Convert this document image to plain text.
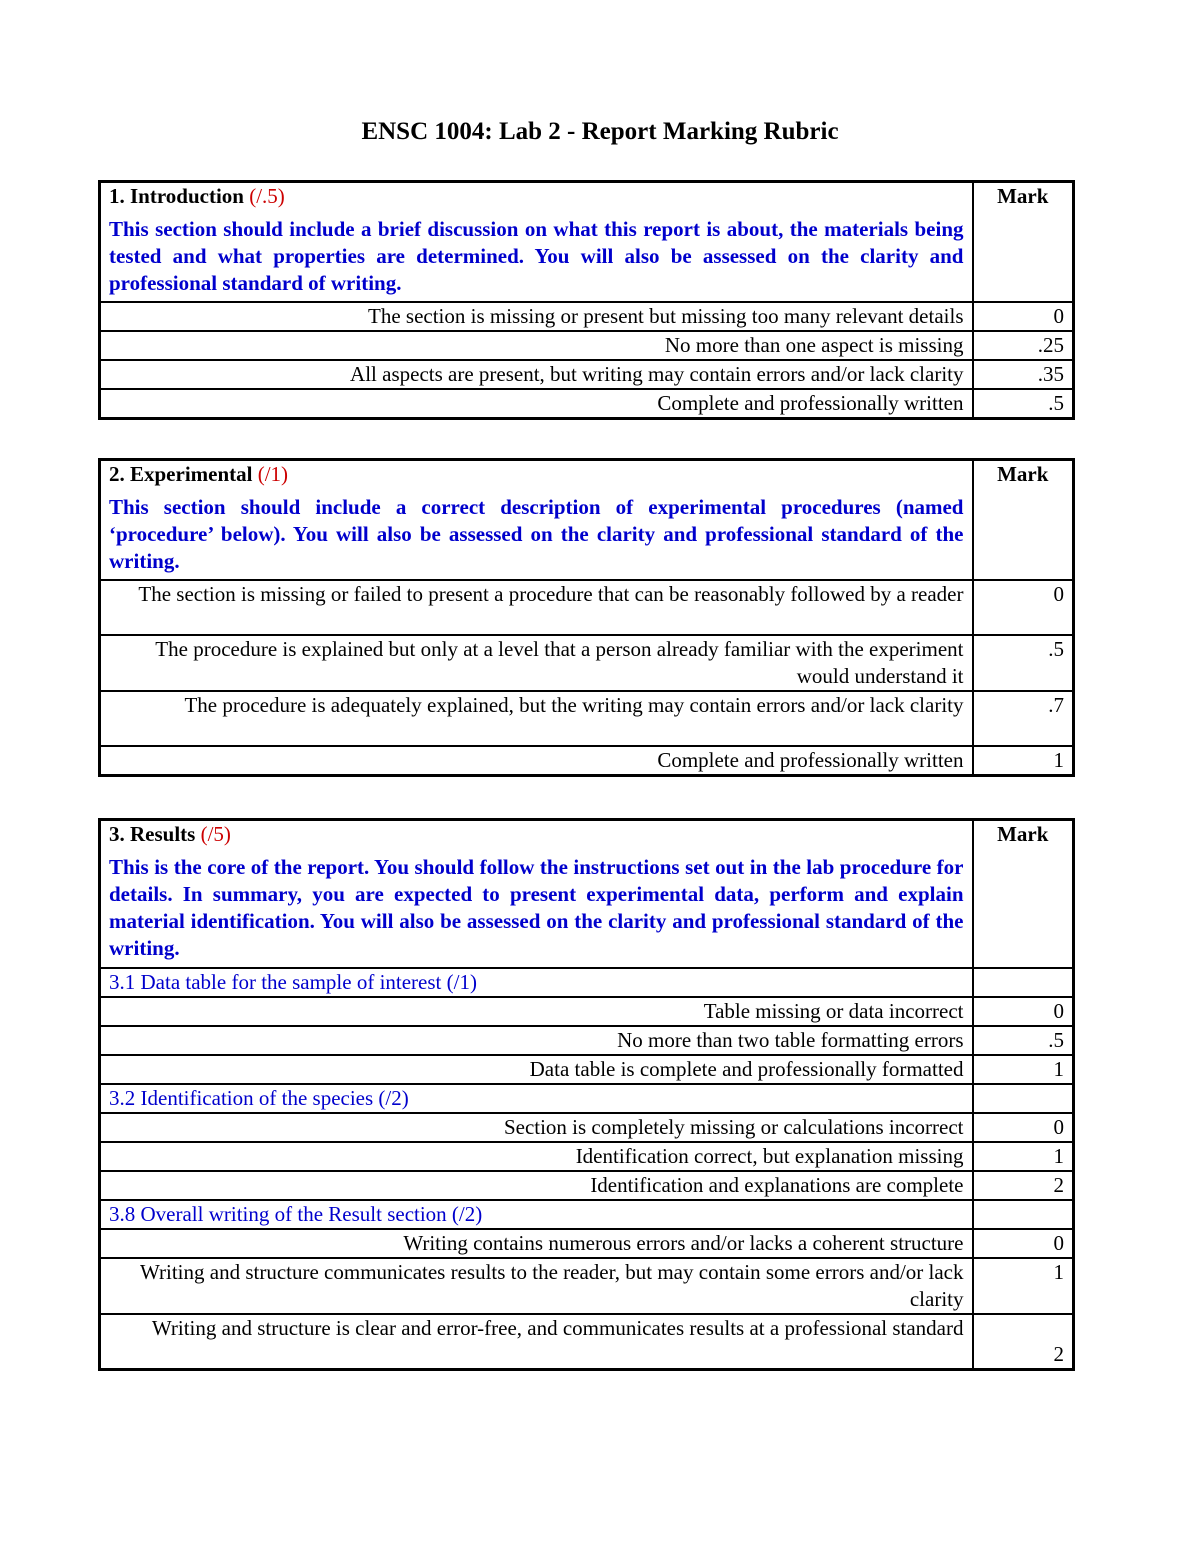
ENSC 1004: Lab 2 - Report Marking Rubric
1. Introduction (/.5)
This section should include a brief discussion on what this report is about, the materials being tested and what properties are determined. You will also be assessed on the clarity and professional standard of writing.	Mark
The section is missing or present but missing too many relevant details	0
No more than one aspect is missing	.25
All aspects are present, but writing may contain errors and/or lack clarity	.35
Complete and professionally written	.5
2. Experimental (/1)
This section should include a correct description of experimental procedures (named ‘procedure’ below). You will also be assessed on the clarity and professional standard of the writing.	Mark
The section is missing or failed to present a procedure that can be reasonably followed by a reader	0
The procedure is explained but only at a level that a person already familiar with the experiment would understand it	.5
The procedure is adequately explained, but the writing may contain errors and/or lack clarity	.7
Complete and professionally written	1
3. Results (/5)
This is the core of the report. You should follow the instructions set out in the lab procedure for details. In summary, you are expected to present experimental data, perform and explain material identification. You will also be assessed on the clarity and professional standard of the writing.	Mark
3.1 Data table for the sample of interest (/1)	
Table missing or data incorrect	0
No more than two table formatting errors	.5
Data table is complete and professionally formatted	1
3.2 Identification of the species (/2)	
Section is completely missing or calculations incorrect	0
Identification correct, but explanation missing	1
Identification and explanations are complete	2
3.8 Overall writing of the Result section (/2)	
Writing contains numerous errors and/or lacks a coherent structure	0
Writing and structure communicates results to the reader, but may contain some errors and/or lack clarity	1
Writing and structure is clear and error-free, and communicates results at a professional standard	2
